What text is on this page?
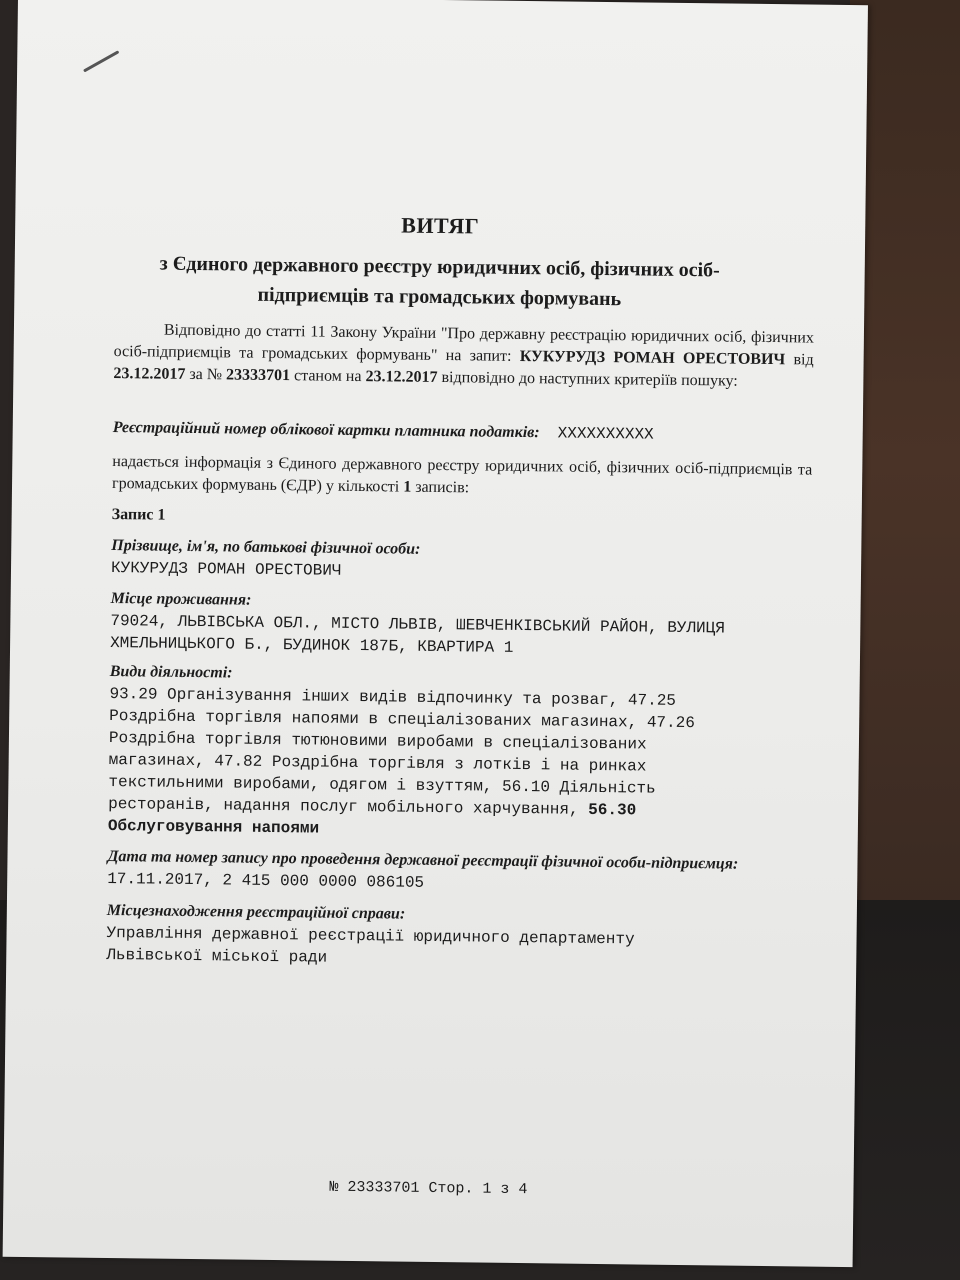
ВИТЯГ
з Єдиного державного реєстру юридичних осіб, фізичних осіб-підприємців та громадських формувань
Відповідно до статті 11 Закону України "Про державну реєстрацію юридичних осіб, фізичних осіб-підприємців та громадських формувань" на запит: КУКУРУДЗ РОМАН ОРЕСТОВИЧ від 23.12.2017 за № 23333701 станом на 23.12.2017 відповідно до наступних критеріїв пошуку:
Реєстраційний номер облікової картки платника податків: XXXXXXXXXX
надається інформація з Єдиного державного реєстру юридичних осіб, фізичних осіб-підприємців та громадських формувань (ЄДР) у кількості 1 записів:
Запис 1
Прізвище, ім'я, по батькові фізичної особи:
КУКУРУДЗ РОМАН ОРЕСТОВИЧ
Місце проживання:
79024, ЛЬВІВСЬКА ОБЛ., МІСТО ЛЬВІВ, ШЕВЧЕНКІВСЬКИЙ РАЙОН, ВУЛИЦЯ
ХМЕЛЬНИЦЬКОГО Б., БУДИНОК 187Б, КВАРТИРА 1
Види діяльності:
93.29 Організування інших видів відпочинку та розваг, 47.25
Роздрібна торгівля напоями в спеціалізованих магазинах, 47.26
Роздрібна торгівля тютюновими виробами в спеціалізованих
магазинах, 47.82 Роздрібна торгівля з лотків і на ринках
текстильними виробами, одягом і взуттям, 56.10 Діяльність
ресторанів, надання послуг мобільного харчування, 56.30
Обслуговування напоями
Дата та номер запису про проведення державної реєстрації фізичної особи-підприємця:
17.11.2017, 2 415 000 0000 086105
Місцезнаходження реєстраційної справи:
Управління державної реєстрації юридичного департаменту
Львівської міської ради
№ 23333701 Стор. 1 з 4
